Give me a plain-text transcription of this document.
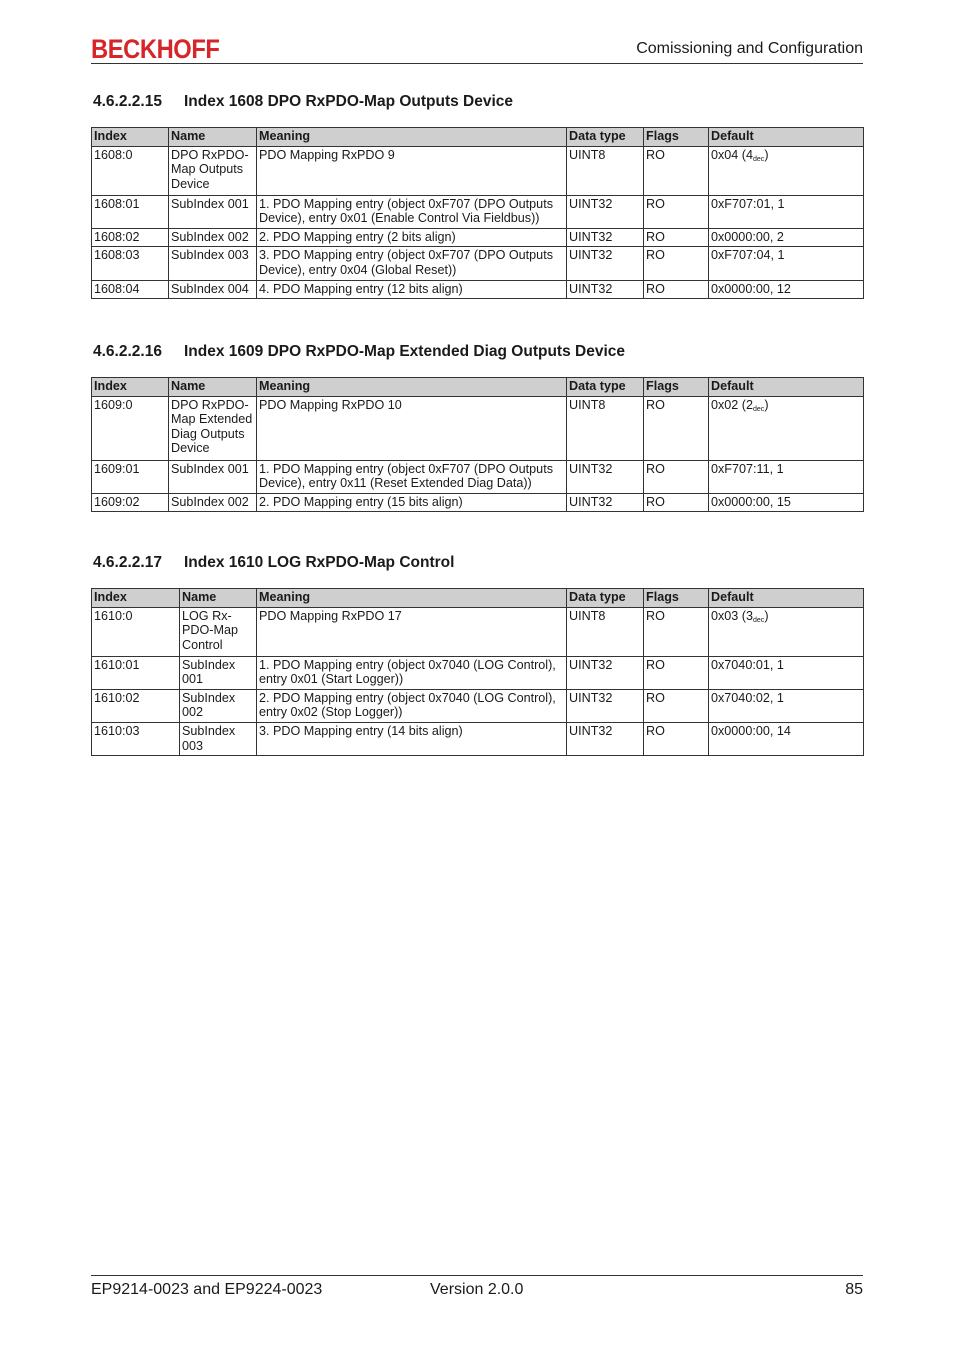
BECKHOFF	Comissioning and Configuration
4.6.2.2.15 Index 1608 DPO RxPDO-Map Outputs Device
Index	Name	Meaning	Data type	Flags	Default
1608:0	DPO RxPDO-Map Outputs Device	PDO Mapping RxPDO 9	UINT8	RO	0x04 $(4_{dec})$
1608:01	SubIndex 001	1. PDO Mapping entry (object 0xF707 (DPO Outputs Device), entry 0x01 (Enable Control Via Fieldbus))	UINT32	RO	0xF707:01, 1
1608:02	SubIndex 002	2. PDO Mapping entry (2 bits align)	UINT32	RO	0x0000:00, 2
1608:03	SubIndex 003	3. PDO Mapping entry (object 0xF707 (DPO Outputs Device), entry 0x04 (Global Reset))	UINT32	RO	0xF707:04, 1
1608:04	SubIndex 004	4. PDO Mapping entry (12 bits align)	UINT32	RO	0x0000:00, 12
4.6.2.2.16 Index 1609 DPO RxPDO-Map Extended Diag Outputs Device
Index	Name	Meaning	Data type	Flags	Default
1609:0	DPO RxPDO-Map Extended Diag Outputs Device	PDO Mapping RxPDO 10	UINT8	RO	0x02 $(2_{dec})$
1609:01	SubIndex 001	1. PDO Mapping entry (object 0xF707 (DPO Outputs Device), entry 0x11 (Reset Extended Diag Data))	UINT32	RO	0xF707:11, 1
1609:02	SubIndex 002	2. PDO Mapping entry (15 bits align)	UINT32	RO	0x0000:00, 15
4.6.2.2.17 Index 1610 LOG RxPDO-Map Control
Index	Name	Meaning	Data type	Flags	Default
1610:0	LOG Rx-PDO-Map Control	PDO Mapping RxPDO 17	UINT8	RO	0x03 $(3_{dec})$
1610:01	SubIndex 001	1. PDO Mapping entry (object 0x7040 (LOG Control), entry 0x01 (Start Logger))	UINT32	RO	0x7040:01, 1
1610:02	SubIndex 002	2. PDO Mapping entry (object 0x7040 (LOG Control), entry 0x02 (Stop Logger))	UINT32	RO	0x7040:02, 1
1610:03	SubIndex 003	3. PDO Mapping entry (14 bits align)	UINT32	RO	0x0000:00, 14
EP9214-0023 and EP9224-0023	Version 2.0.0	85
